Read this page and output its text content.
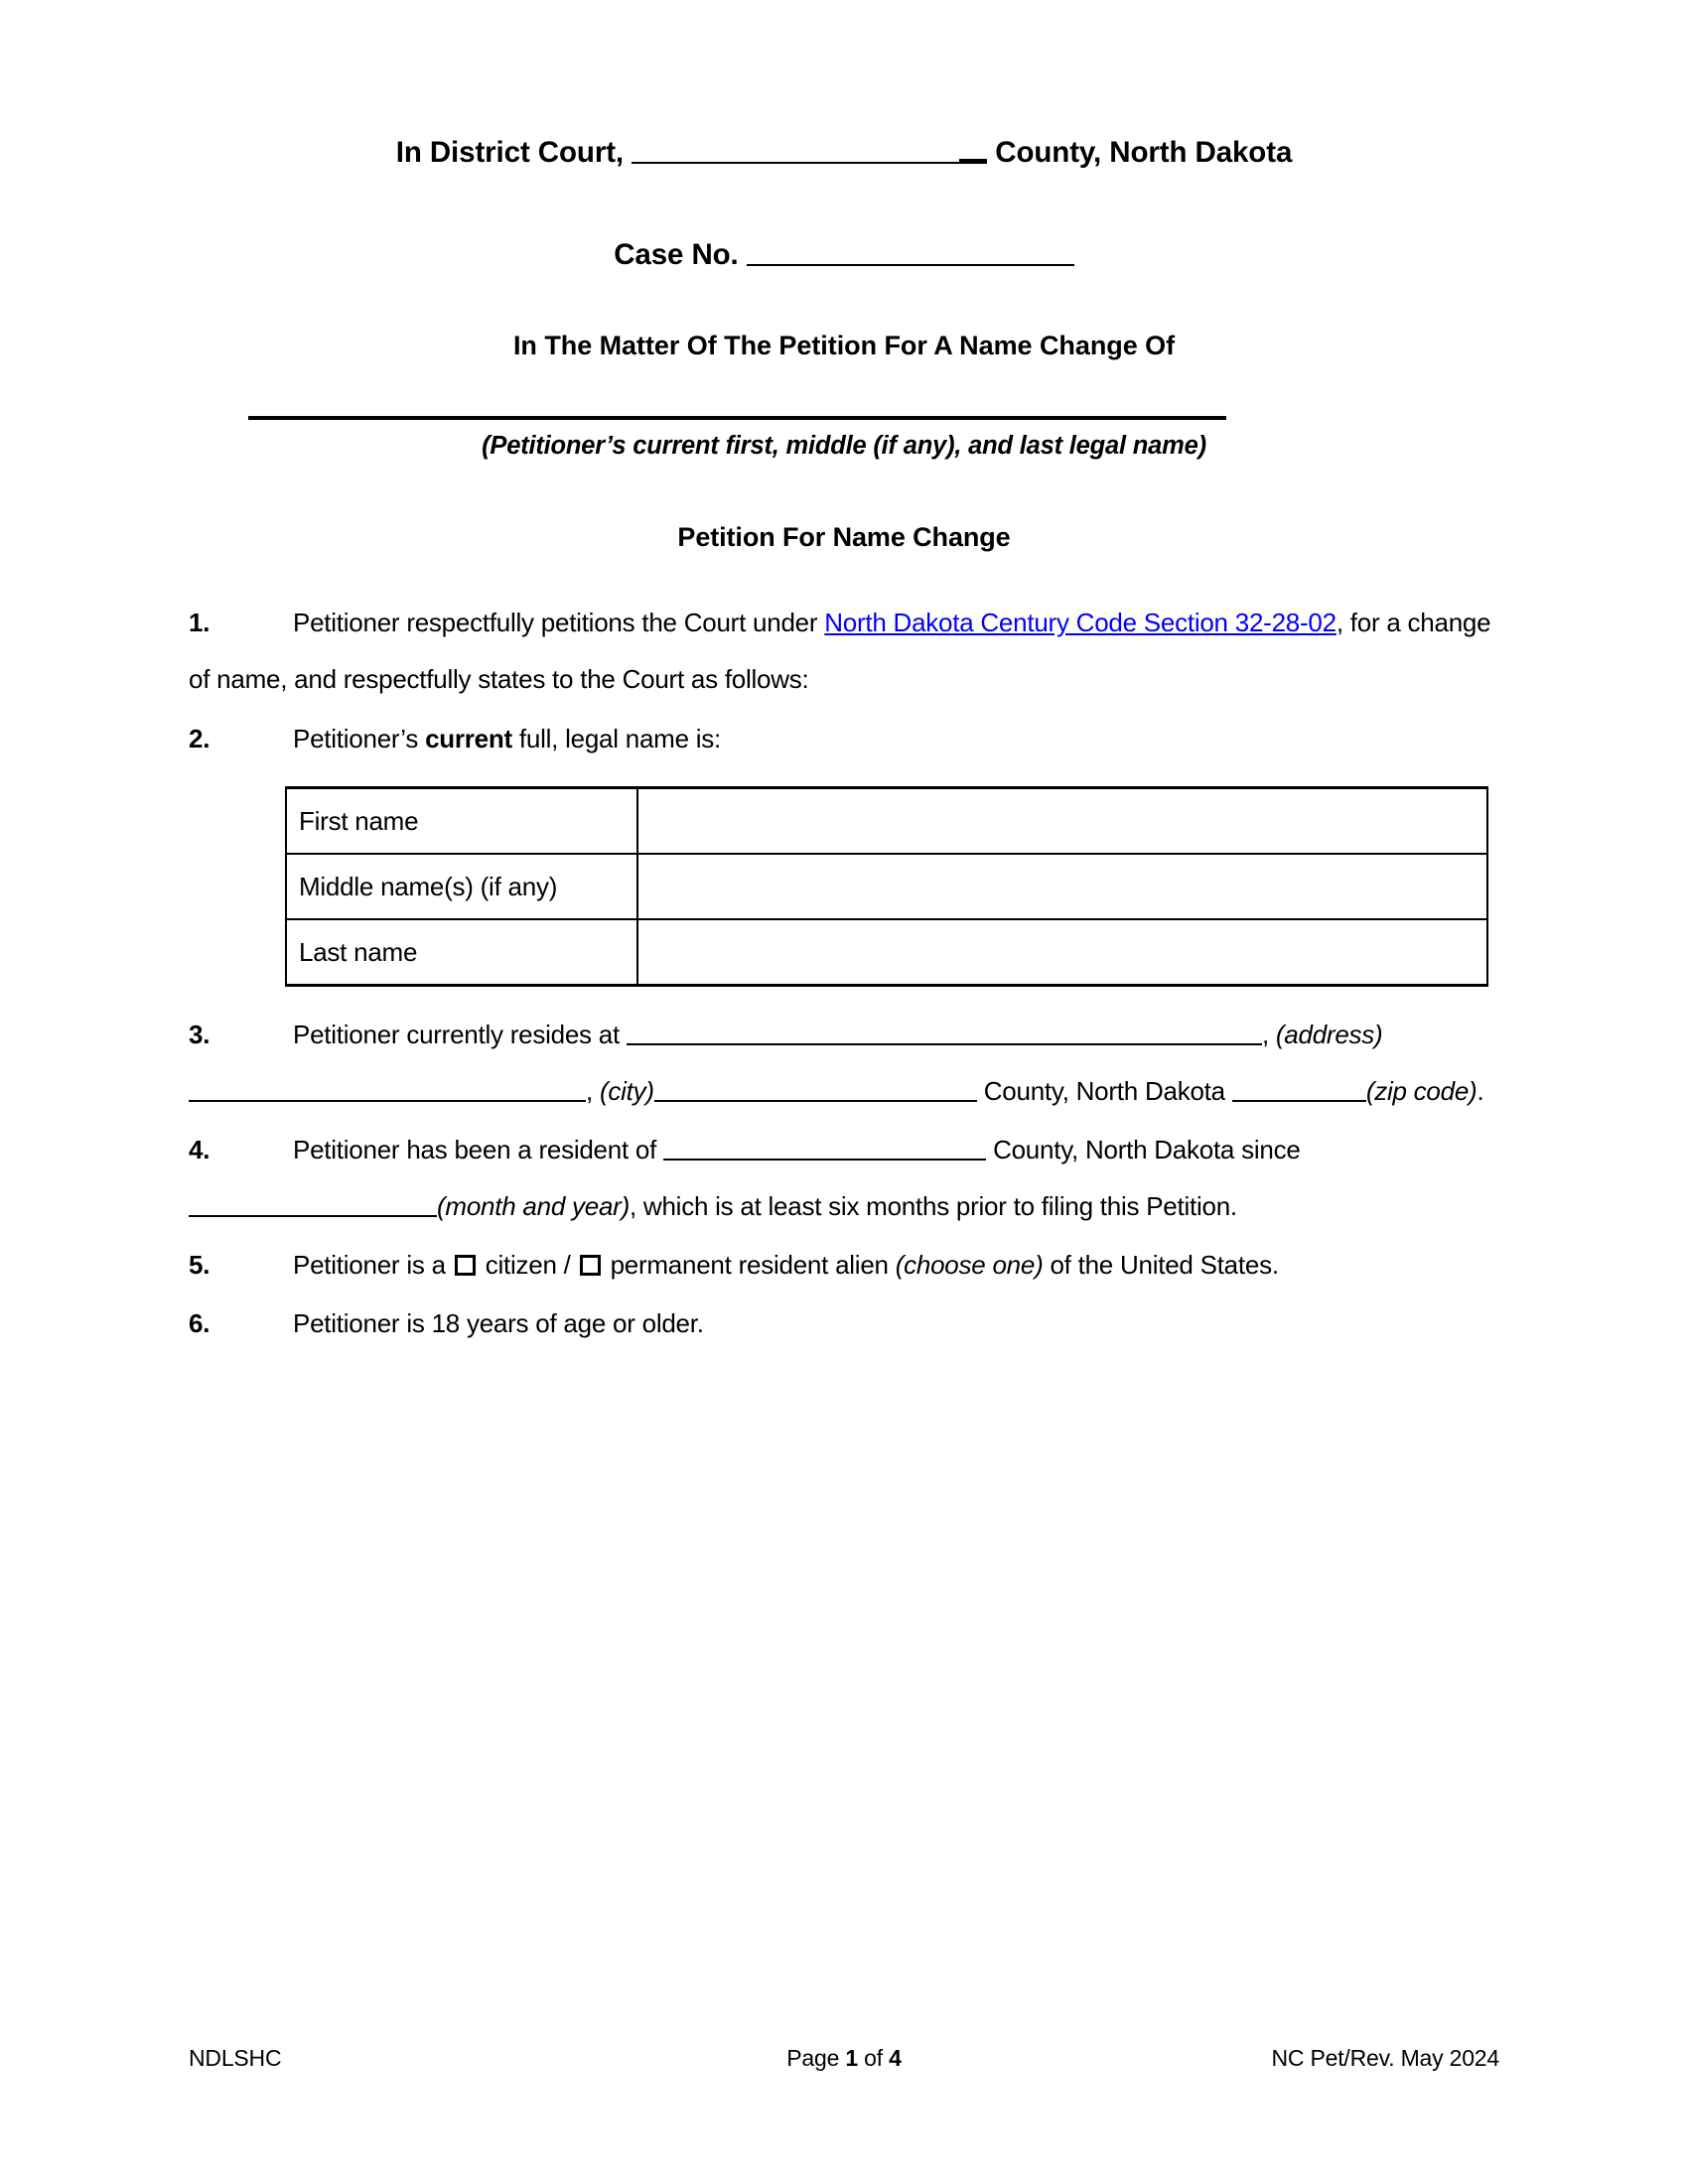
In District Court,	County, North Dakota
Case No.
In The Matter Of The Petition For A Name Change Of
(Petitioner’s current first, middle (if any), and last legal name)
Petition For Name Change
1.	Petitioner respectfully petitions the Court under North Dakota Century Code Section 32-28-02, for a change of name, and respectfully states to the Court as follows:
2.	Petitioner’s current full, legal name is:
First name	
Middle name(s) (if any)	
Last name	
3.	Petitioner currently resides at	, (address), (city)	County, North Dakota	(zip code).
4.	Petitioner has been a resident of	County, North Dakota since (month and year), which is at least six months prior to filing this Petition.
5.	Petitioner is a  citizen /  permanent resident alien (choose one) of the United States.
6.	Petitioner is 18 years of age or older.
NDLSHC	Page 1 of 4	NC Pet/Rev. May 2024
